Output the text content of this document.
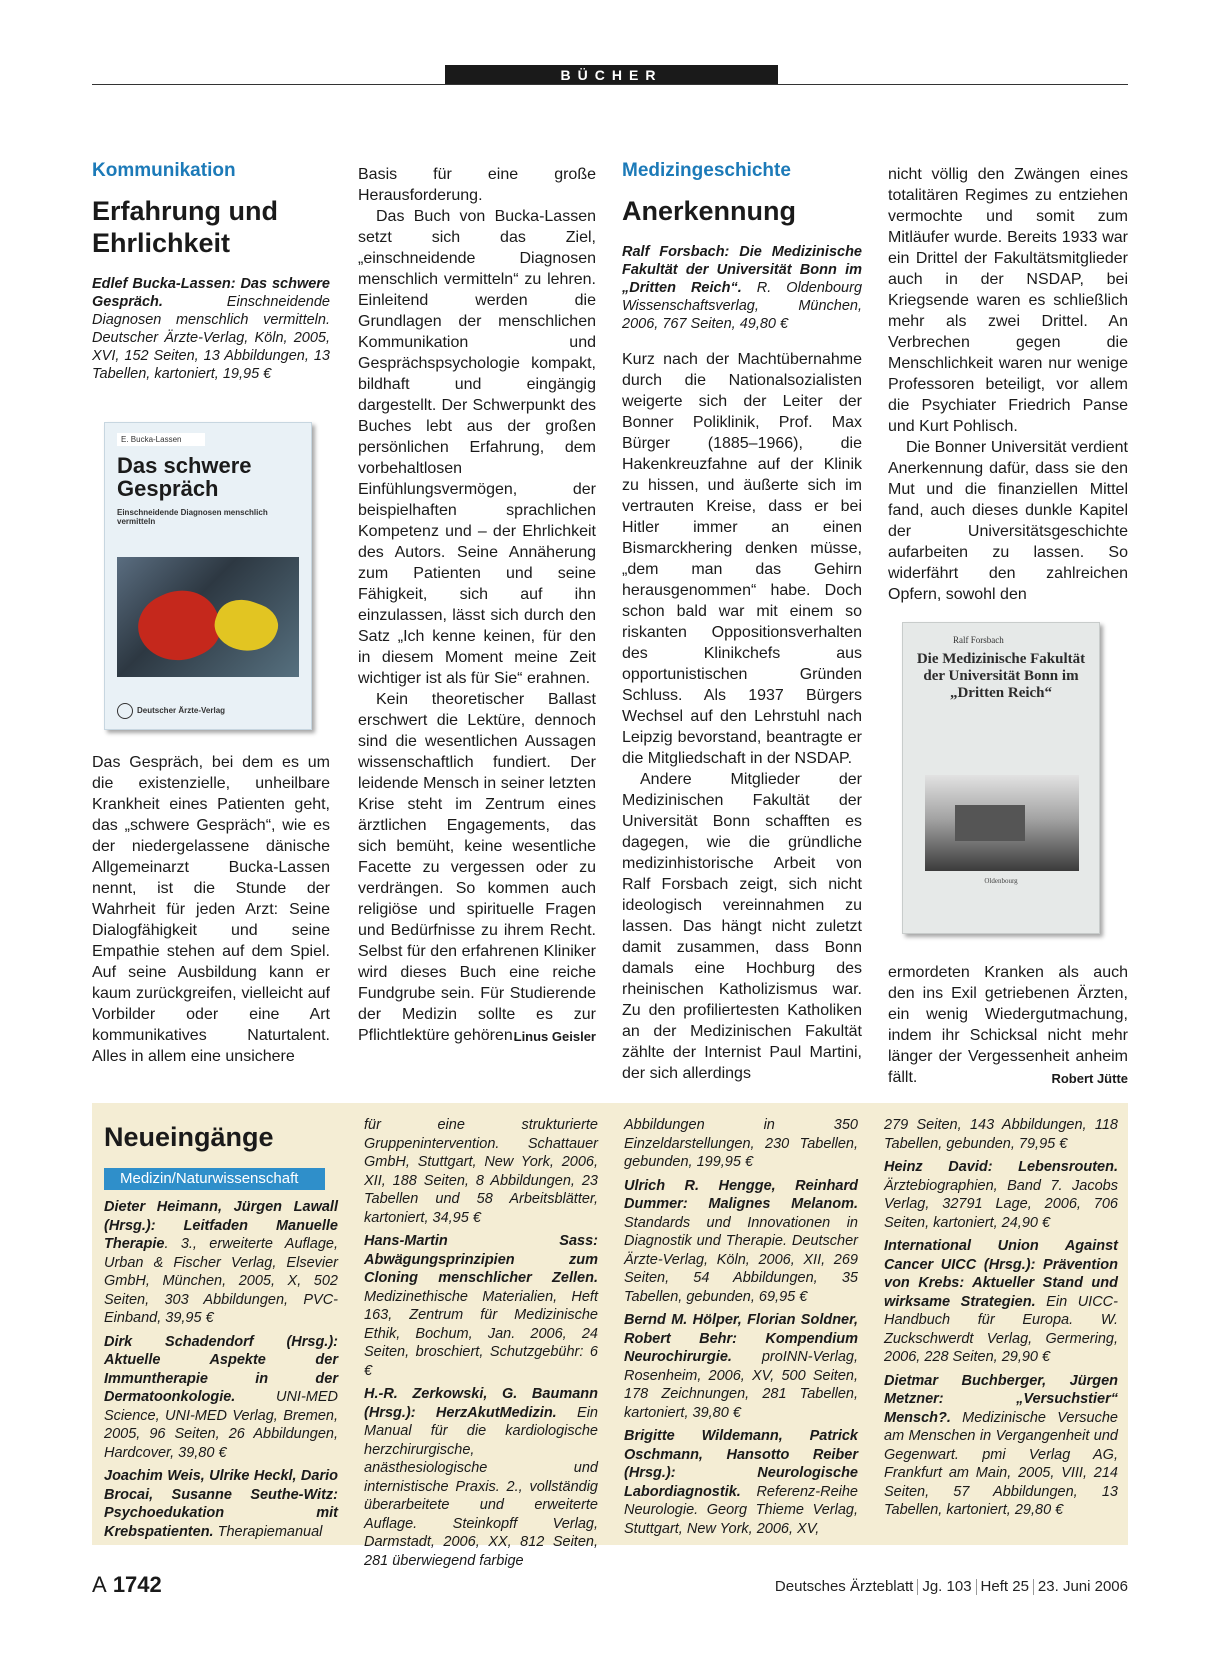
BÜCHER
Kommunikation
Erfahrung und Ehrlichkeit
Edlef Bucka-Lassen: Das schwere Gespräch.	Einschneidende Diagnosen menschlich vermitteln. Deutscher Ärzte-Verlag, Köln, 2005, XVI, 152 Seiten, 13 Abbildungen, 13 Tabellen, kartoniert, 19,95 €
E. Bucka-Lassen
Das schwere Gespräch
Einschneidende Diagnosen menschlich vermitteln
Deutscher Ärzte-Verlag

Das Gespräch, bei dem es um die existenzielle, unheilbare Krankheit eines Patienten geht, das „schwere Gespräch“, wie es der niedergelassene dänische Allgemeinarzt Bucka-Lassen nennt, ist die Stunde der Wahrheit für jeden Arzt: Seine Dialogfähigkeit und seine Empathie stehen auf dem Spiel. Auf seine Ausbildung kann er kaum zurückgreifen, vielleicht auf Vorbilder oder eine Art kommunikatives Naturtalent. Alles in allem eine unsichere

Basis für eine große Herausforderung.

Das Buch von Bucka-Lassen setzt sich das Ziel, „einschneidende Diagnosen menschlich vermitteln“ zu lehren. Einleitend werden die Grundlagen der menschlichen Kommunikation und Gesprächspsychologie kompakt, bildhaft und eingängig dargestellt. Der Schwerpunkt des Buches lebt aus der großen persönlichen Erfahrung, dem vorbehaltlosen Einfühlungsvermögen, der beispielhaften sprachlichen Kompetenz und – der Ehrlichkeit des Autors. Seine Annäherung zum Patienten und seine Fähigkeit, sich auf ihn einzulassen, lässt sich durch den Satz „Ich kenne keinen, für den in diesem Moment meine Zeit wichtiger ist als für Sie“ erahnen.

Kein theoretischer Ballast erschwert die Lektüre, dennoch sind die wesentlichen Aussagen wissenschaftlich fundiert. Der leidende Mensch in seiner letzten Krise steht im Zentrum eines ärztlichen Engagements, das sich bemüht, keine wesentliche Facette zu vergessen oder zu verdrängen. So kommen auch religiöse und spirituelle Fragen und Bedürfnisse zu ihrem Recht. Selbst für den erfahrenen Kliniker wird dieses Buch eine reiche Fundgrube sein. Für Studierende der Medizin sollte es zur Pflichtlektüre gehören.

Linus Geisler
Medizingeschichte
Anerkennung
Ralf Forsbach: Die Medizinische Fakultät der Universität Bonn im „Dritten Reich“. R. Oldenbourg Wissenschaftsverlag, München, 2006, 767 Seiten, 49,80 €

Kurz nach der Machtübernahme durch die Nationalsozialisten weigerte sich der Leiter der Bonner Poliklinik, Prof. Max Bürger (1885–1966), die Hakenkreuzfahne auf der Klinik zu hissen, und äußerte sich im vertrauten Kreise, dass er bei Hitler immer an einen Bismarckhering denken müsse, „dem man das Gehirn herausgenommen“ habe. Doch schon bald war mit einem so riskanten Oppositionsverhalten des Klinikchefs aus opportunistischen Gründen Schluss. Als 1937 Bürgers Wechsel auf den Lehrstuhl nach Leipzig bevorstand, beantragte er die Mitgliedschaft in der NSDAP.

Andere Mitglieder der Medizinischen Fakultät der Universität Bonn schafften es dagegen, wie die gründliche medizinhistorische Arbeit von Ralf Forsbach zeigt, sich nicht ideologisch vereinnahmen zu lassen. Das hängt nicht zuletzt damit zusammen, dass Bonn damals eine Hochburg des rheinischen Katholizismus war. Zu den profiliertesten Katholiken an der Medizinischen Fakultät zählte der Internist Paul Martini, der sich allerdings

nicht völlig den Zwängen eines totalitären Regimes zu entziehen vermochte und somit zum Mitläufer wurde. Bereits 1933 war ein Drittel der Fakultätsmitglieder auch in der NSDAP, bei Kriegsende waren es schließlich mehr als zwei Drittel. An Verbrechen gegen die Menschlichkeit waren nur wenige Professoren beteiligt, vor allem die Psychiater Friedrich Panse und Kurt Pohlisch.

Die Bonner Universität verdient Anerkennung dafür, dass sie den Mut und die finanziellen Mittel fand, auch dieses dunkle Kapitel der Universitätsgeschichte aufarbeiten zu lassen. So widerfährt den zahlreichen Opfern, sowohl den

Ralf Forsbach
Die Medizinische Fakultät der Universität Bonn im „Dritten Reich“
Oldenbourg

ermordeten Kranken als auch den ins Exil getriebenen Ärzten, ein wenig Wiedergutmachung, indem ihr Schicksal nicht mehr länger der Vergessenheit anheim fällt.	Robert Jütte
Neueingänge
Medizin/Naturwissenschaft

Dieter Heimann, Jürgen Lawall (Hrsg.): Leitfaden Manuelle Therapie. 3., erweiterte Auflage, Urban & Fischer Verlag, Elsevier GmbH, München, 2005, X, 502 Seiten, 303 Abbildungen, PVC-Einband, 39,95 €

Dirk Schadendorf (Hrsg.): Aktuelle Aspekte der Immuntherapie in der Dermatoonkologie. UNI-MED Science, UNI-MED Verlag, Bremen, 2005, 96 Seiten, 26 Abbildungen, Hardcover, 39,80 €

Joachim Weis, Ulrike Heckl, Dario Brocai, Susanne Seuthe-Witz: Psychoedukation mit Krebspatienten. Therapiemanual

für eine strukturierte Gruppenintervention. Schattauer GmbH, Stuttgart, New York, 2006, XII, 188 Seiten, 8 Abbildungen, 23 Tabellen und 58 Arbeitsblätter, kartoniert, 34,95 €

Hans-Martin Sass: Abwägungsprinzipien zum Cloning menschlicher Zellen. Medizinethische Materialien, Heft 163, Zentrum für Medizinische Ethik, Bochum, Jan. 2006, 24 Seiten, broschiert, Schutzgebühr: 6 €

H.-R. Zerkowski, G. Baumann (Hrsg.): HerzAkutMedizin. Ein Manual für die kardiologische herzchirurgische, anästhesiologische und internistische Praxis. 2., vollständig überarbeitete und erweiterte Auflage. Steinkopff Verlag, Darmstadt, 2006, XX, 812 Seiten, 281 überwiegend farbige

Abbildungen in 350 Einzeldarstellungen, 230 Tabellen, gebunden, 199,95 €

Ulrich R. Hengge, Reinhard Dummer: Malignes Melanom. Standards und Innovationen in Diagnostik und Therapie. Deutscher Ärzte-Verlag, Köln, 2006, XII, 269 Seiten, 54 Abbildungen, 35 Tabellen, gebunden, 69,95 €

Bernd M. Hölper, Florian Soldner, Robert Behr: Kompendium Neurochirurgie. proINN-Verlag, Rosenheim, 2006, XV, 500 Seiten, 178 Zeichnungen, 281 Tabellen, kartoniert, 39,80 €

Brigitte Wildemann, Patrick Oschmann, Hansotto Reiber (Hrsg.): Neurologische Labordiagnostik. Referenz-Reihe Neurologie. Georg Thieme Verlag, Stuttgart, New York, 2006, XV,

279 Seiten, 143 Abbildungen, 118 Tabellen, gebunden, 79,95 €

Heinz David: Lebensrouten. Ärztebiographien, Band 7. Jacobs Verlag, 32791 Lage, 2006, 706 Seiten, kartoniert, 24,90 €

International Union Against Cancer UICC (Hrsg.): Prävention von Krebs: Aktueller Stand und wirksame Strategien. Ein UICC-Handbuch für Europa. W. Zuckschwerdt Verlag, Germering, 2006, 228 Seiten, 29,90 €

Dietmar Buchberger, Jürgen Metzner: „Versuchstier“ Mensch?. Medizinische Versuche am Menschen in Vergangenheit und Gegenwart. pmi Verlag AG, Frankfurt am Main, 2005, VIII, 214 Seiten, 57 Abbildungen, 13 Tabellen, kartoniert, 29,80 €

A 1742	Deutsches Ärzteblatt Jg. 103 Heft 25 23. Juni 2006
